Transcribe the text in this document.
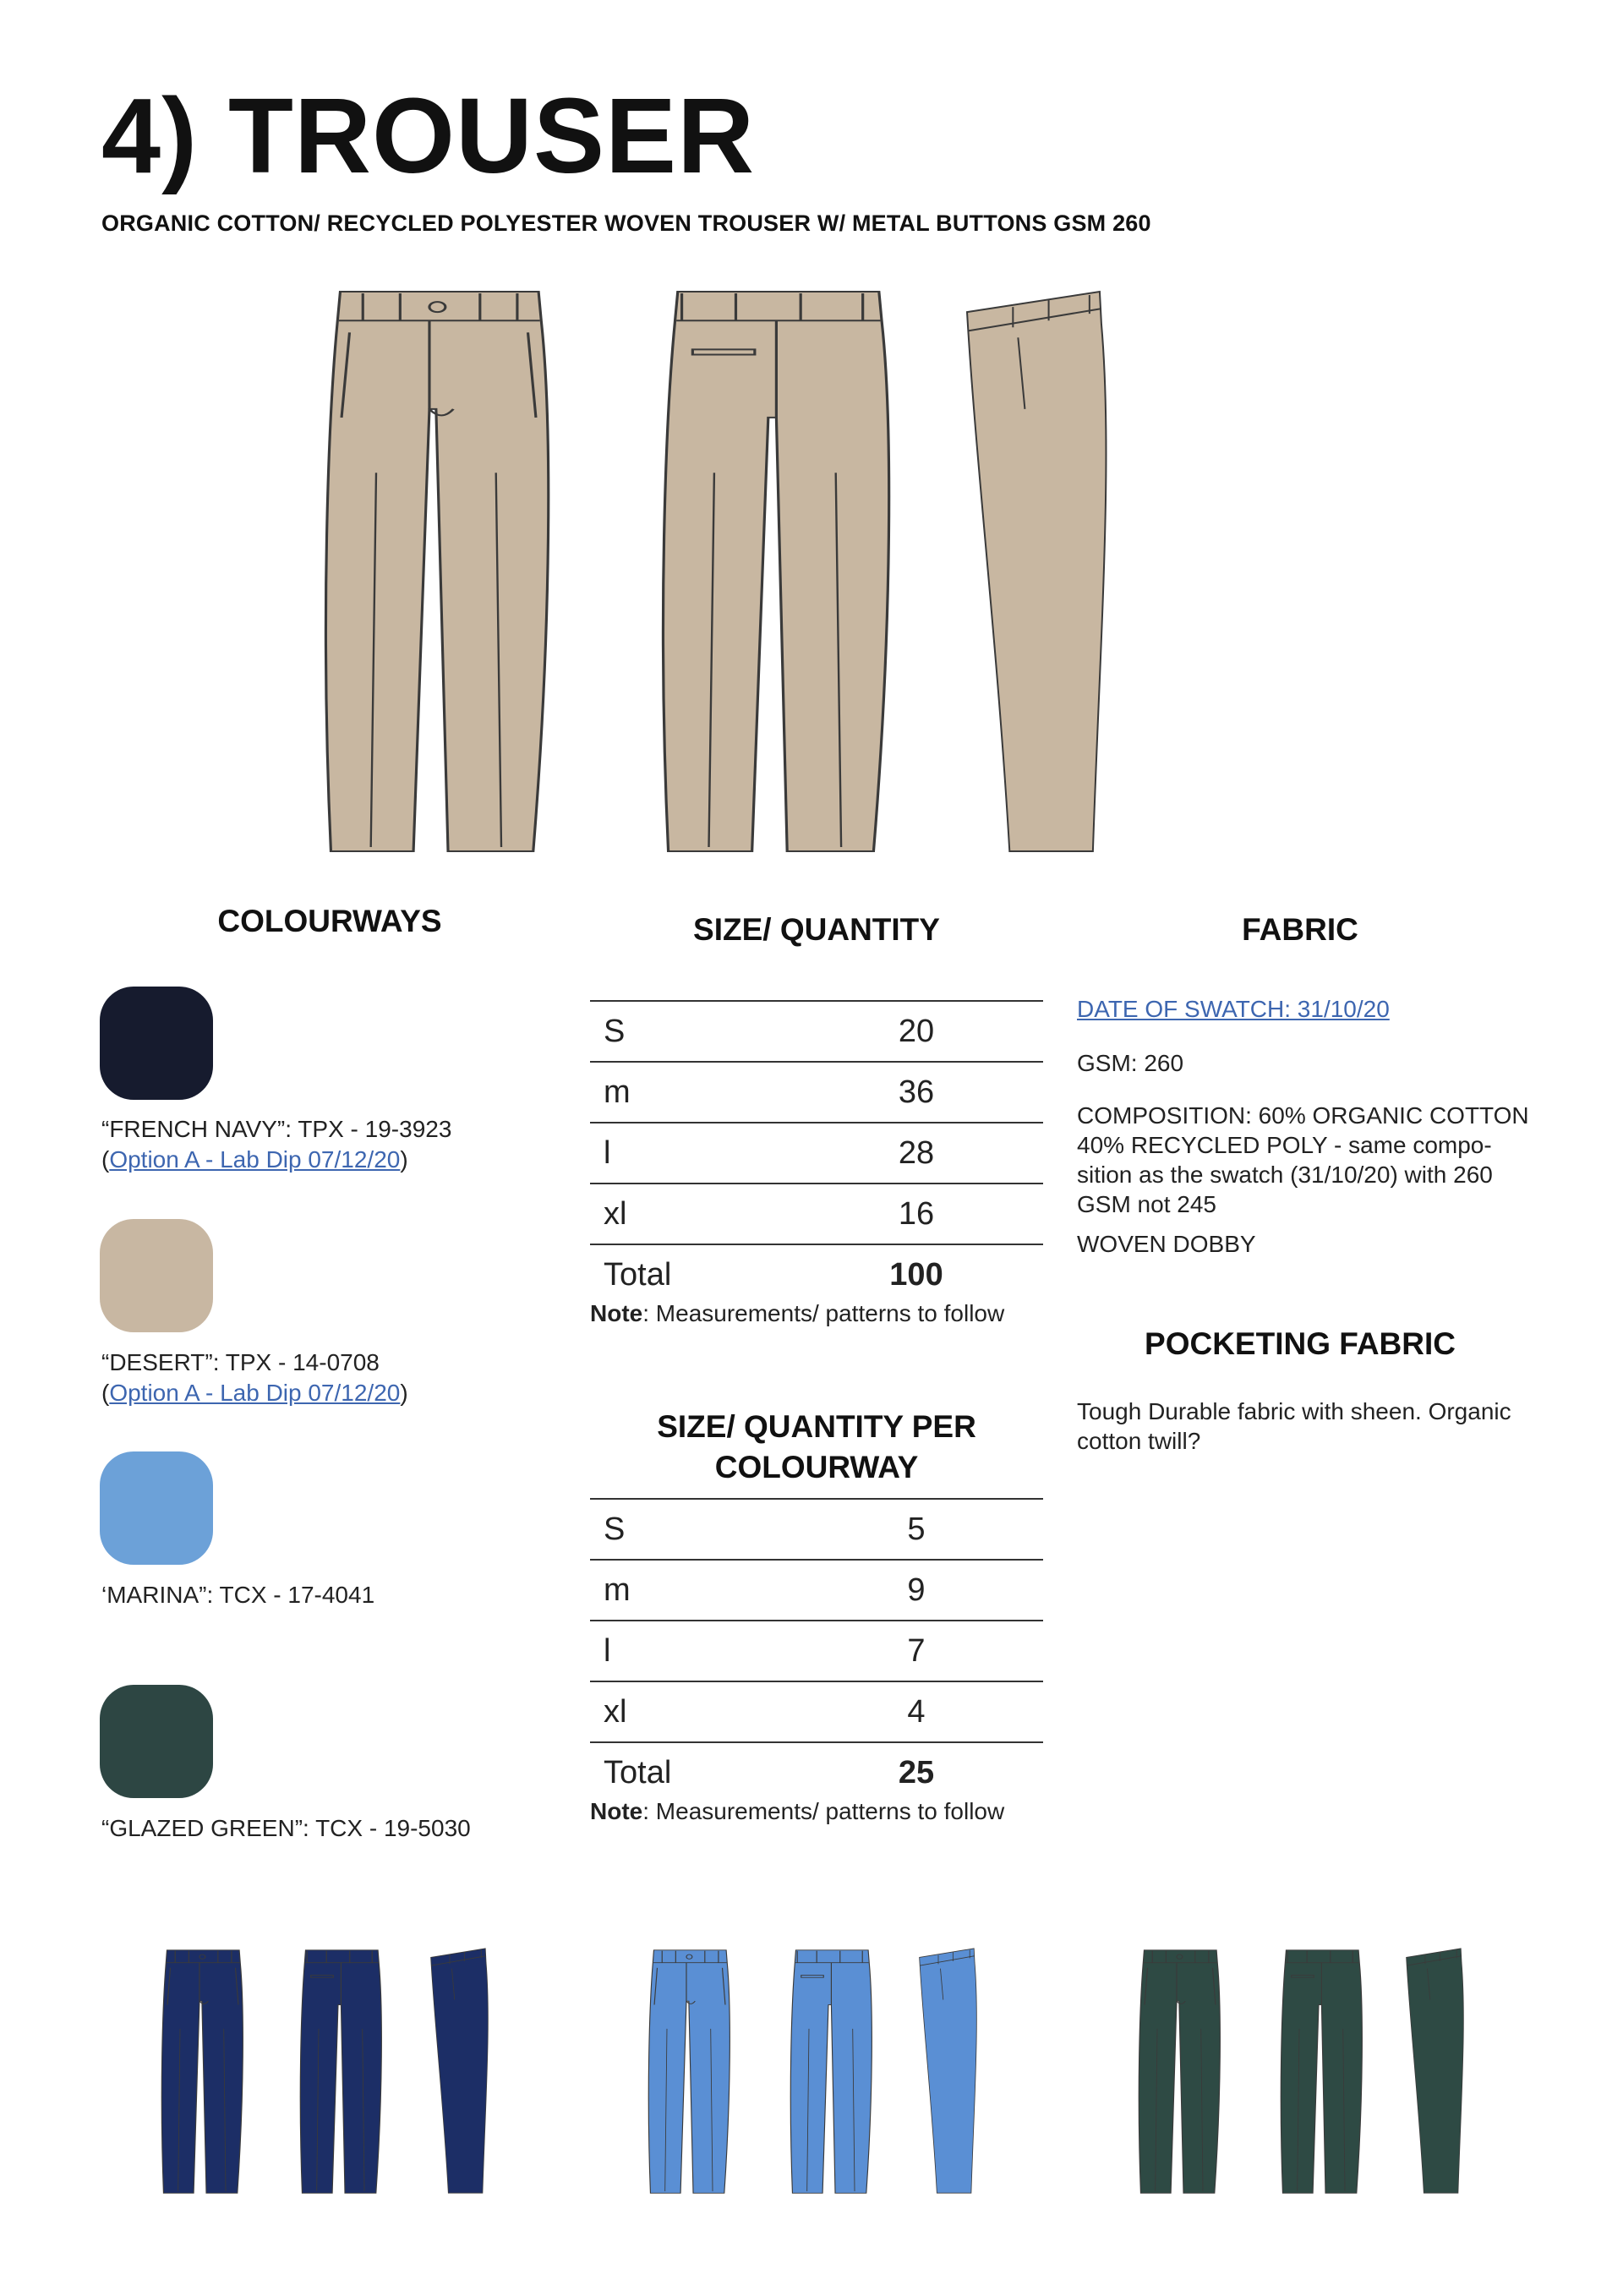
4) TROUSER

ORGANIC COTTON/ RECYCLED POLYESTER WOVEN TROUSER W/ METAL BUTTONS GSM 260

COLOURWAYS
“FRENCH NAVY”: TPX - 19-3923
(Option A - Lab Dip 07/12/20)
“DESERT”: TPX - 14-0708
(Option A - Lab Dip 07/12/20)
‘MARINA”: TCX - 17-4041
“GLAZED GREEN”: TCX - 19-5030
SIZE/ QUANTITY
S	20
m	36
l	28
xl	16
Total	100
Note: Measurements/ patterns to follow
SIZE/ QUANTITY PER
COLOURWAY
S	5
m	9
l	7
xl	4
Total	25
Note: Measurements/ patterns to follow
FABRIC
DATE OF SWATCH: 31/10/20
GSM: 260
COMPOSITION: 60% ORGANIC COTTON
40% RECYCLED POLY - same compo-
sition as the swatch (31/10/20) with 260
GSM not 245
WOVEN DOBBY
POCKETING FABRIC
Tough Durable fabric with sheen. Organic
cotton twill?
